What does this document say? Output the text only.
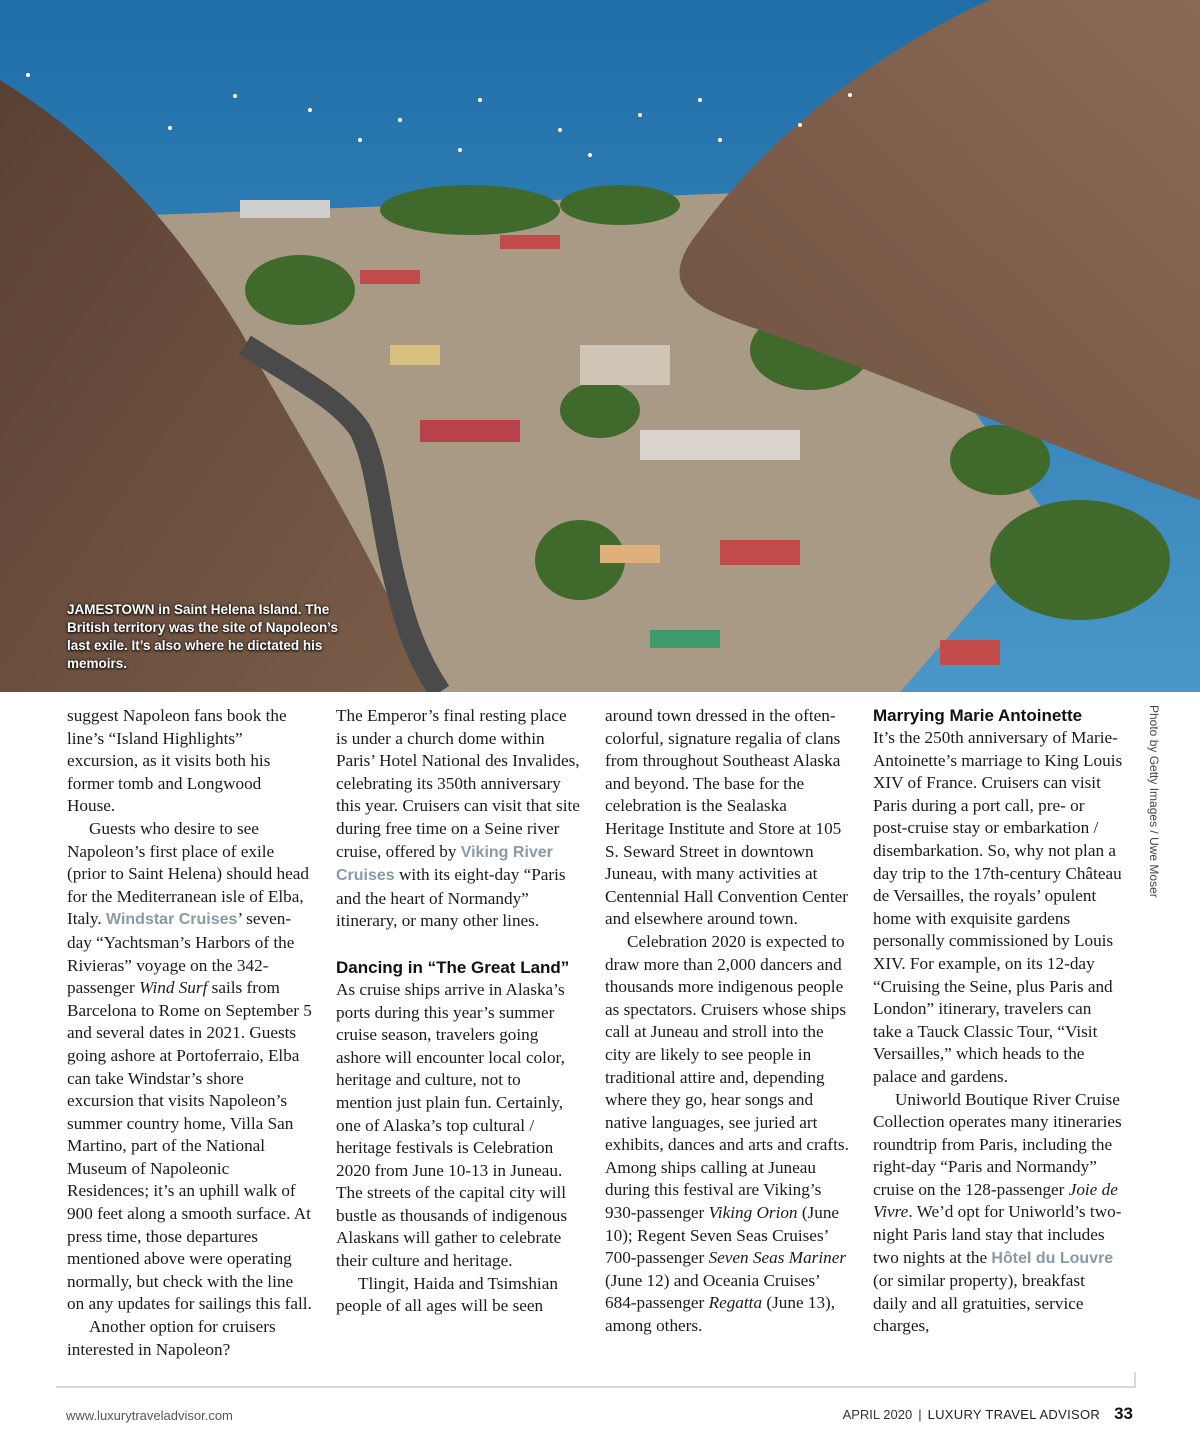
JAMESTOWN in Saint Helena Island. The British territory was the site of Napoleon’s last exile. It’s also where he dictated his memoirs.
Photo by Getty Images / Uwe Moser

suggest Napoleon fans book the line’s “Island Highlights” excursion, as it visits both his former tomb and Longwood House.

Guests who desire to see Napoleon’s first place of exile (prior to Saint Helena) should head for the Mediterranean isle of Elba, Italy. Windstar Cruises’ seven-day “Yachtsman’s Harbors of the Rivieras” voyage on the 342-passenger Wind Surf sails from Barcelona to Rome on September 5 and several dates in 2021. Guests going ashore at Portoferraio, Elba can take Windstar’s shore excursion that visits Napoleon’s summer country home, Villa San Martino, part of the National Museum of Napoleonic Residences; it’s an uphill walk of 900 feet along a smooth surface. At press time, those departures mentioned above were operating normally, but check with the line on any updates for sailings this fall.

Another option for cruisers interested in Napoleon?

The Emperor’s final resting place is under a church dome within Paris’ Hotel National des Invalides, celebrating its 350th anniversary this year. Cruisers can visit that site during free time on a Seine river cruise, offered by Viking River Cruises with its eight-day “Paris and the heart of Normandy” itinerary, or many other lines.

Dancing in “The Great Land”

As cruise ships arrive in Alaska’s ports during this year’s summer cruise season, travelers going ashore will encounter local color, heritage and culture, not to mention just plain fun. Certainly, one of Alaska’s top cultural / heritage festivals is Celebration 2020 from June 10-13 in Juneau. The streets of the capital city will bustle as thousands of indigenous Alaskans will gather to celebrate their culture and heritage.

Tlingit, Haida and Tsimshian people of all ages will be seen

around town dressed in the often-colorful, signature regalia of clans from throughout Southeast Alaska and beyond. The base for the celebration is the Sealaska Heritage Institute and Store at 105 S. Seward Street in downtown Juneau, with many activities at Centennial Hall Convention Center and elsewhere around town.

Celebration 2020 is expected to draw more than 2,000 dancers and thousands more indigenous people as spectators. Cruisers whose ships call at Juneau and stroll into the city are likely to see people in traditional attire and, depending where they go, hear songs and native languages, see juried art exhibits, dances and arts and crafts. Among ships calling at Juneau during this festival are Viking’s 930-passenger Viking Orion (June 10); Regent Seven Seas Cruises’ 700-passenger Seven Seas Mariner (June 12) and Oceania Cruises’ 684-passenger Regatta (June 13), among others.

Marrying Marie Antoinette

It’s the 250th anniversary of Marie-Antoinette’s marriage to King Louis XIV of France. Cruisers can visit Paris during a port call, pre- or post-cruise stay or embarkation / disembarkation. So, why not plan a day trip to the 17th-century Château de Versailles, the royals’ opulent home with exquisite gardens personally commissioned by Louis XIV. For example, on its 12-day “Cruising the Seine, plus Paris and London” itinerary, travelers can take a Tauck Classic Tour, “Visit Versailles,” which heads to the palace and gardens.

Uniworld Boutique River Cruise Collection operates many itineraries roundtrip from Paris, including the right-day “Paris and Normandy” cruise on the 128-passenger Joie de Vivre. We’d opt for Uniworld’s two-night Paris land stay that includes two nights at the Hôtel du Louvre (or similar property), breakfast daily and all gratuities, service charges,

www.luxurytraveladvisor.com	APRIL 2020 | LUXURY TRAVEL ADVISOR 33
